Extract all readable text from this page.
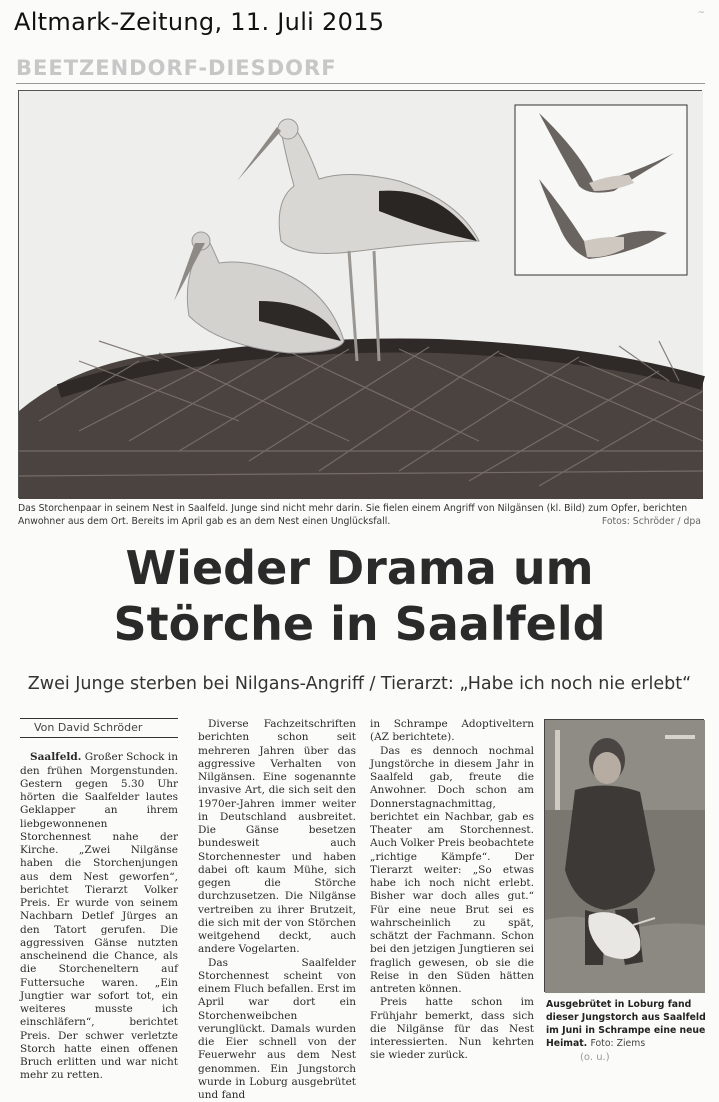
Altmark-Zeitung, 11. Juli 2015	~
BEETZENDORF-DIESDORF
Das Storchenpaar in seinem Nest in Saalfeld. Junge sind nicht mehr darin. Sie fielen einem Angriff von Nilgänsen (kl. Bild) zum Opfer, berichten Anwohner aus dem Ort. Bereits im April gab es an dem Nest einen Unglücksfall.	Fotos: Schröder / dpa
Wieder Drama um
Störche in Saalfeld
Zwei Junge sterben bei Nilgans-Angriff / Tierarzt: „Habe ich noch nie erlebt“
Von David Schröder

Saalfeld. Großer Schock in den frühen Morgenstunden. Gestern gegen 5.30 Uhr hörten die Saalfelder lautes Geklapper an ihrem liebgewonnenen Storchennest nahe der Kirche. „Zwei Nilgänse haben die Storchenjungen aus dem Nest geworfen“, berichtet Tierarzt Volker Preis. Er wurde von seinem Nachbarn Detlef Jürges an den Tatort gerufen. Die aggressiven Gänse nutzten anscheinend die Chance, als die Storcheneltern auf Futtersuche waren. „Ein Jungtier war sofort tot, ein weiteres musste ich einschläfern“, berichtet Preis. Der schwer verletzte Storch hatte einen offenen Bruch erlitten und war nicht mehr zu retten.

Diverse Fachzeitschriften berichten schon seit mehreren Jahren über das aggressive Verhalten von Nilgänsen. Eine sogenannte invasive Art, die sich seit den 1970er-Jahren immer weiter in Deutschland ausbreitet. Die Gänse besetzen bundesweit auch Storchennester und haben dabei oft kaum Mühe, sich gegen die Störche durchzusetzen. Die Nilgänse vertreiben zu ihrer Brutzeit, die sich mit der von Störchen weitgehend deckt, auch andere Vogelarten.

Das Saalfelder Storchennest scheint von einem Fluch befallen. Erst im April war dort ein Storchenweibchen verunglückt. Damals wurden die Eier schnell von der Feuerwehr aus dem Nest genommen. Ein Jungstorch wurde in Loburg ausgebrütet und fand

in Schrampe Adoptiveltern (AZ berichtete).

Das es dennoch nochmal Jungstörche in diesem Jahr in Saalfeld gab, freute die Anwohner. Doch schon am Donnerstagnachmittag, berichtet ein Nachbar, gab es Theater am Storchennest. Auch Volker Preis beobachtete „richtige Kämpfe“. Der Tierarzt weiter: „So etwas habe ich noch nicht erlebt. Bisher war doch alles gut.“ Für eine neue Brut sei es wahrscheinlich zu spät, schätzt der Fachmann. Schon bei den jetzigen Jungtieren sei fraglich gewesen, ob sie die Reise in den Süden hätten antreten können.

Preis hatte schon im Frühjahr bemerkt, dass sich die Nilgänse für das Nest interessierten. Nun kehrten sie wieder zurück.

Ausgebrütet in Loburg fand dieser Jungstorch aus Saalfeld im Juni in Schrampe eine neue Heimat. Foto: Ziems
(o. u.)
